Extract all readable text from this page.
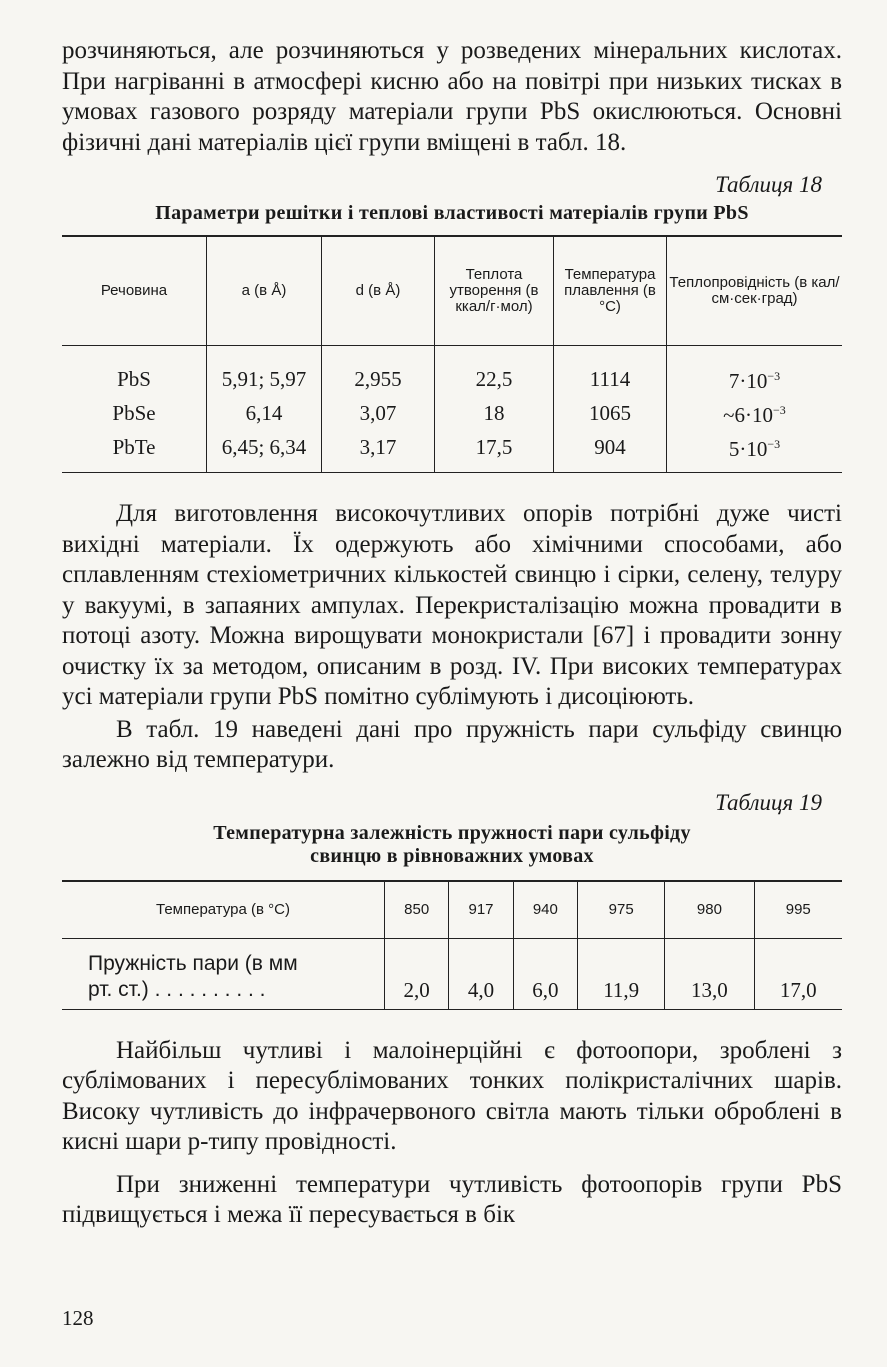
розчиняються, але розчиняються у розведених мінеральних кислотах. При нагріванні в атмосфері кисню або на повітрі при низьких тисках в умовах газового розряду матеріали групи PbS окислюються. Основні фізичні дані матеріалів цієї групи вміщені в табл. 18.

Таблиця 18

Параметри решітки і теплові властивості матеріалів групи PbS

Речовина	a (в Å)	d (в Å)	Теплота утворення (в ккал/г·мол)	Температура плавлення (в °C)	Теплопровідність (в кал/см·сек·град)
PbS	5,91; 5,97	2,955	22,5	1114	$7\cdot 10^{-3}$
PbSe	6,14	3,07	18	1065	$\sim 6\cdot 10^{-3}$
PbTe	6,45; 6,34	3,17	17,5	904	$5\cdot 10^{-3}$

Для виготовлення високочутливих опорів потрібні дуже чисті вихідні матеріали. Їх одержують або хімічними способами, або сплавленням стехіометричних кількостей свинцю і сірки, селену, телуру у вакуумі, в запаяних ампулах. Перекристалізацію можна провадити в потоці азоту. Можна вирощувати монокристали [67] і провадити зонну очистку їх за методом, описаним в розд. IV. При високих температурах усі матеріали групи PbS помітно сублімують і дисоціюють.

В табл. 19 наведені дані про пружність пари сульфіду свинцю залежно від температури.

Таблиця 19

Температурна залежність пружності пари сульфіду

свинцю в рівноважних умовах

Температура (в °C)	850	917	940	975	980	995

Пружність пари (в мм
рт. ст.) . . . . . . . . . .	2,0	4,0	6,0	11,9	13,0	17,0

Найбільш чутливі і малоінерційні є фотоопори, зроблені з сублімованих і пересублімованих тонких полікристалічних шарів. Високу чутливість до інфрачервоного світла мають тільки оброблені в кисні шари p-типу провідності.

При зниженні температури чутливість фотоопорів групи PbS підвищується і межа її пересувається в бік

128
